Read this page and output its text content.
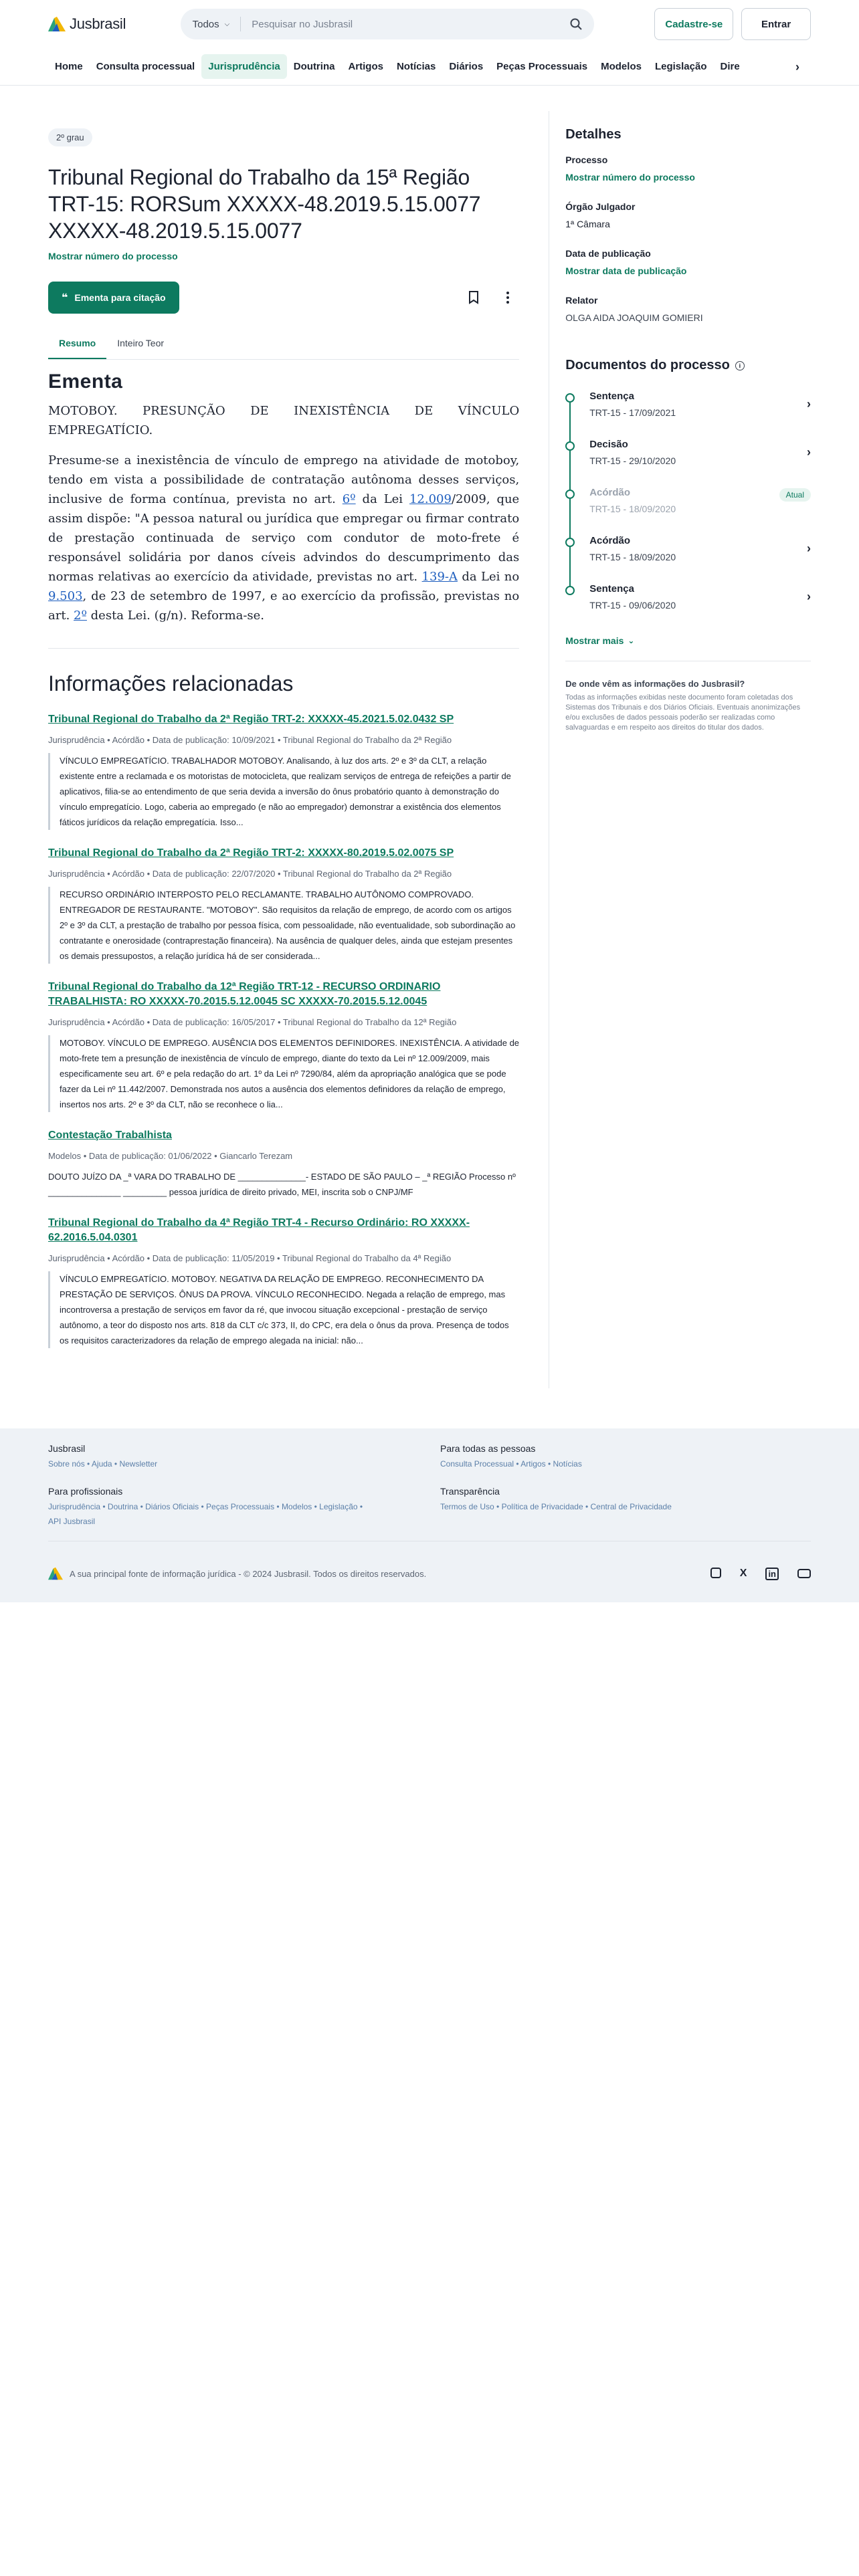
Jusbrasil	Todos ⌵	Pesquisar no Jusbrasil	Cadastre-se	Entrar
Home	Consulta processual	Jurisprudência	Doutrina	Artigos	Notícias	Diários	Peças Processuais	Modelos	Legislação	Dire	›
2º grau
Tribunal Regional do Trabalho da 15ª Região TRT-15: RORSum XXXXX-48.2019.5.15.0077 XXXXX-48.2019.5.15.0077
Mostrar número do processo
❝ Ementa para citação
Resumo	Inteiro Teor
Ementa

MOTOBOY. PRESUNÇÃO DE INEXISTÊNCIA DE VÍNCULO EMPREGATÍCIO.

Presume-se a inexistência de vínculo de emprego na atividade de motoboy, tendo em vista a possibilidade de contratação autônoma desses serviços, inclusive de forma contínua, prevista no art. 6º da Lei 12.009/2009, que assim dispõe: "A pessoa natural ou jurídica que empregar ou firmar contrato de prestação continuada de serviço com condutor de moto-frete é responsável solidária por danos cíveis advindos do descumprimento das normas relativas ao exercício da atividade, previstas no art. 139-A da Lei no 9.503, de 23 de setembro de 1997, e ao exercício da profissão, previstas no art. 2º desta Lei. (g/n). Reforma-se.

Informações relacionadas
Tribunal Regional do Trabalho da 2ª Região TRT-2: XXXXX-45.2021.5.02.0432 SP
Jurisprudência • Acórdão • Data de publicação: 10/09/2021 • Tribunal Regional do Trabalho da 2ª Região
VÍNCULO EMPREGATÍCIO. TRABALHADOR MOTOBOY. Analisando, à luz dos arts. 2º e 3º da CLT, a relação existente entre a reclamada e os motoristas de motocicleta, que realizam serviços de entrega de refeições a partir de aplicativos, filia-se ao entendimento de que seria devida a inversão do ônus probatório quanto à demonstração do vínculo empregatício. Logo, caberia ao empregado (e não ao empregador) demonstrar a existência dos elementos fáticos jurídicos da relação empregatícia. Isso...
Tribunal Regional do Trabalho da 2ª Região TRT-2: XXXXX-80.2019.5.02.0075 SP
Jurisprudência • Acórdão • Data de publicação: 22/07/2020 • Tribunal Regional do Trabalho da 2ª Região
RECURSO ORDINÁRIO INTERPOSTO PELO RECLAMANTE. TRABALHO AUTÔNOMO COMPROVADO. ENTREGADOR DE RESTAURANTE. "MOTOBOY". São requisitos da relação de emprego, de acordo com os artigos 2º e 3º da CLT, a prestação de trabalho por pessoa física, com pessoalidade, não eventualidade, sob subordinação ao contratante e onerosidade (contraprestação financeira). Na ausência de qualquer deles, ainda que estejam presentes os demais pressupostos, a relação jurídica há de ser considerada...
Tribunal Regional do Trabalho da 12ª Região TRT-12 - RECURSO ORDINARIO TRABALHISTA: RO XXXXX-70.2015.5.12.0045 SC XXXXX-70.2015.5.12.0045
Jurisprudência • Acórdão • Data de publicação: 16/05/2017 • Tribunal Regional do Trabalho da 12ª Região
MOTOBOY. VÍNCULO DE EMPREGO. AUSÊNCIA DOS ELEMENTOS DEFINIDORES. INEXISTÊNCIA. A atividade de moto-frete tem a presunção de inexistência de vínculo de emprego, diante do texto da Lei nº 12.009/2009, mais especificamente seu art. 6º e pela redação do art. 1º da Lei nº 7290/84, além da apropriação analógica que se pode fazer da Lei nº 11.442/2007. Demonstrada nos autos a ausência dos elementos definidores da relação de emprego, insertos nos arts. 2º e 3º da CLT, não se reconhece o lia...
Contestação Trabalhista
Modelos • Data de publicação: 01/06/2022 • Giancarlo Terezam
DOUTO JUÍZO DA _ª VARA DO TRABALHO DE ______________- ESTADO DE SÃO PAULO – _ª REGIÃO Processo nº _______________ _________ pessoa jurídica de direito privado, MEI, inscrita sob o CNPJ/MF
Tribunal Regional do Trabalho da 4ª Região TRT-4 - Recurso Ordinário: RO XXXXX-62.2016.5.04.0301
Jurisprudência • Acórdão • Data de publicação: 11/05/2019 • Tribunal Regional do Trabalho da 4ª Região
VÍNCULO EMPREGATÍCIO. MOTOBOY. NEGATIVA DA RELAÇÃO DE EMPREGO. RECONHECIMENTO DA PRESTAÇÃO DE SERVIÇOS. ÔNUS DA PROVA. VÍNCULO RECONHECIDO. Negada a relação de emprego, mas incontroversa a prestação de serviços em favor da ré, que invocou situação excepcional - prestação de serviço autônomo, a teor do disposto nos arts. 818 da CLT c/c 373, II, do CPC, era dela o ônus da prova. Presença de todos os requisitos caracterizadores da relação de emprego alegada na inicial: não...
Detalhes
Processo
Mostrar número do processo
Órgão Julgador
1ª Câmara
Data de publicação
Mostrar data de publicação
Relator
OLGA AIDA JOAQUIM GOMIERI
Documentos do processo	i
Sentença
TRT-15 - 17/09/2021
›
Decisão
TRT-15 - 29/10/2020
›
Acórdão
TRT-15 - 18/09/2020
Atual
Acórdão
TRT-15 - 18/09/2020
›
Sentença
TRT-15 - 09/06/2020
›
Mostrar mais ⌄
De onde vêm as informações do Jusbrasil?
Todas as informações exibidas neste documento foram coletadas dos Sistemas dos Tribunais e dos Diários Oficiais. Eventuais anonimizações e/ou exclusões de dados pessoais poderão ser realizadas como salvaguardas e em respeito aos direitos do titular dos dados.
Jusbrasil
Sobre nós • Ajuda • Newsletter
Para todas as pessoas
Consulta Processual • Artigos • Notícias
Para profissionais
Jurisprudência • Doutrina • Diários Oficiais • Peças Processuais • Modelos • Legislação •
API Jusbrasil
Transparência
Termos de Uso • Política de Privacidade • Central de Privacidade
A sua principal fonte de informação jurídica - © 2024 Jusbrasil. Todos os direitos reservados.	X	in
